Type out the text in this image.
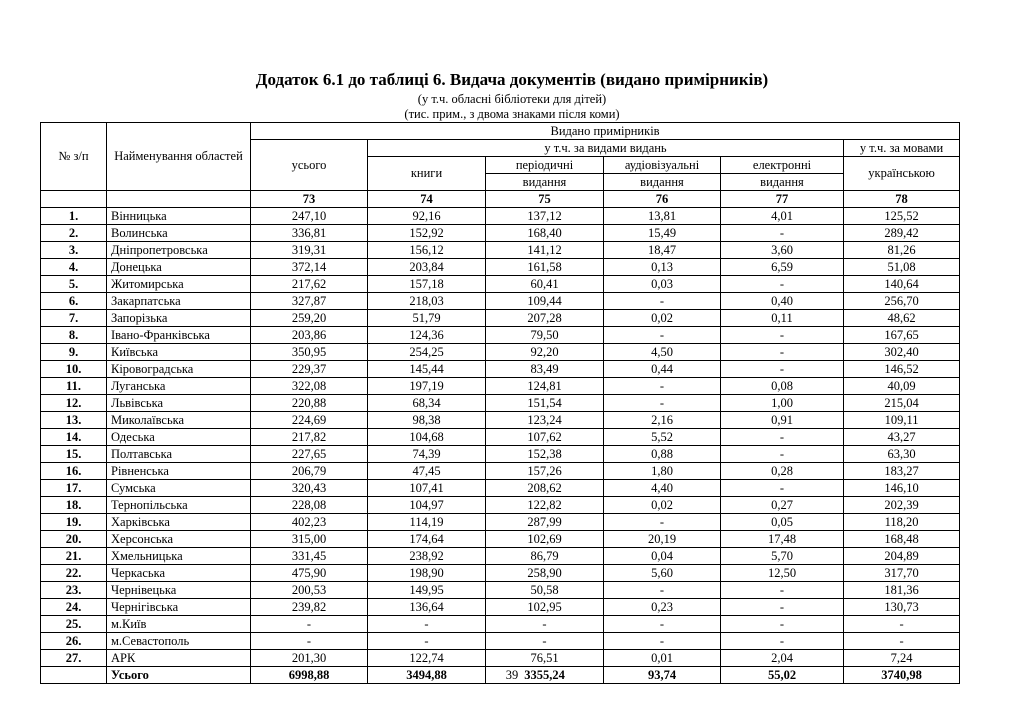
Додаток 6.1 до таблиці 6. Видача документів (видано примірників)
(у т.ч. обласні бібліотеки для дітей)
(тис. прим., з двома знаками після коми)
№ з/п	Найменування областей	Видано примірників					
		усього	у т.ч. за видами видань				у т.ч. за мовами
			книги	періодичні	аудіовізуальні	електронні	українською
				видання	видання	видання	
		73	74	75	76	77	78
1.	Вінницька	247,10	92,16	137,12	13,81	4,01	125,52
2.	Волинська	336,81	152,92	168,40	15,49	-	289,42
3.	Дніпропетровська	319,31	156,12	141,12	18,47	3,60	81,26
4.	Донецька	372,14	203,84	161,58	0,13	6,59	51,08
5.	Житомирська	217,62	157,18	60,41	0,03	-	140,64
6.	Закарпатська	327,87	218,03	109,44	-	0,40	256,70
7.	Запорізька	259,20	51,79	207,28	0,02	0,11	48,62
8.	Івано-Франківська	203,86	124,36	79,50	-	-	167,65
9.	Київська	350,95	254,25	92,20	4,50	-	302,40
10.	Кіровоградська	229,37	145,44	83,49	0,44	-	146,52
11.	Луганська	322,08	197,19	124,81	-	0,08	40,09
12.	Львівська	220,88	68,34	151,54	-	1,00	215,04
13.	Миколаївська	224,69	98,38	123,24	2,16	0,91	109,11
14.	Одеська	217,82	104,68	107,62	5,52	-	43,27
15.	Полтавська	227,65	74,39	152,38	0,88	-	63,30
16.	Рівненська	206,79	47,45	157,26	1,80	0,28	183,27
17.	Сумська	320,43	107,41	208,62	4,40	-	146,10
18.	Тернопільська	228,08	104,97	122,82	0,02	0,27	202,39
19.	Харківська	402,23	114,19	287,99	-	0,05	118,20
20.	Херсонська	315,00	174,64	102,69	20,19	17,48	168,48
21.	Хмельницька	331,45	238,92	86,79	0,04	5,70	204,89
22.	Черкаська	475,90	198,90	258,90	5,60	12,50	317,70
23.	Чернівецька	200,53	149,95	50,58	-	-	181,36
24.	Чернігівська	239,82	136,64	102,95	0,23	-	130,73
25.	м.Київ	-	-	-	-	-	-
26.	м.Севастополь	-	-	-	-	-	-
27.	АРК	201,30	122,74	76,51	0,01	2,04	7,24
	Усього	6998,88	3494,88	3355,24	93,74	55,02	3740,98
39
